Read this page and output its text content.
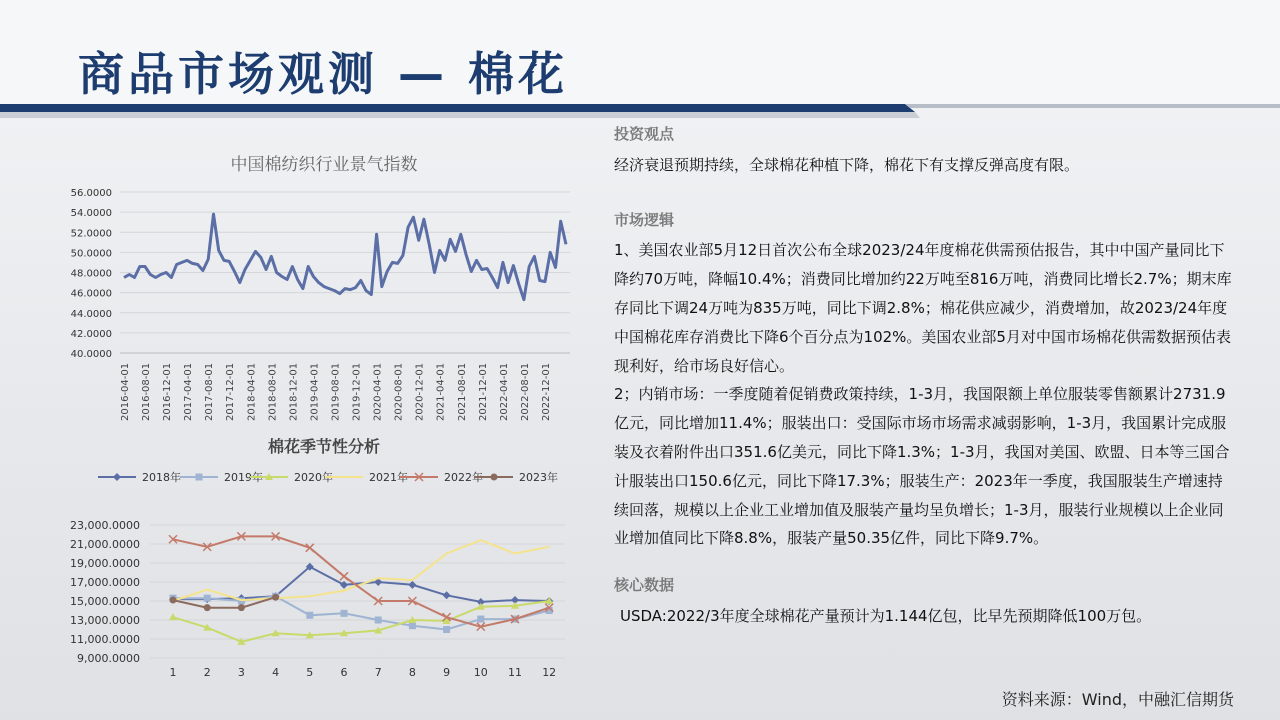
商品市场观测 — 棉花
中国棉纺织行业景气指数
56.0000
54.0000
52.0000
50.0000
48.0000
46.0000
44.0000
42.0000
40.0000
2016-04-01 2016-08-01 2016-12-01 2017-04-01 2017-08-01 2017-12-01 2018-04-01 2018-08-01 2018-12-01 2019-04-01 2019-08-01 2019-12-01 2020-04-01 2020-08-01 2020-12-01 2021-04-01 2021-08-01 2021-12-01 2022-04-01 2022-08-01 2022-12-01
棉花季节性分析
2018年	2019年	2020年	2021年	2022年	2023年
23,000.0000
21,000.0000
19,000.0000
17,000.0000
15,000.0000
13,000.0000
11,000.0000
9,000.0000
1 2 3 4 5 6 7 8 9 10 11 12
投资观点

经济衰退预期持续，全球棉花种植下降，棉花下有支撑反弹高度有限。

市场逻辑

1、美国农业部5月12日首次公布全球2023/24年度棉花供需预估报告，其中中国产量同比下降约70万吨，降幅10.4%；消费同比增加约22万吨至816万吨，消费同比增长2.7%；期末库存同比下调24万吨为835万吨，同比下调2.8%；棉花供应减少，消费增加，故2023/24年度中国棉花库存消费比下降6个百分点为102%。美国农业部5月对中国市场棉花供需数据预估表现利好，给市场良好信心。

2；内销市场：一季度随着促销费政策持续，1-3月，我国限额上单位服装零售额累计2731.9亿元，同比增加11.4%；服装出口：受国际市场市场需求减弱影响，1-3月，我国累计完成服装及衣着附件出口351.6亿美元，同比下降1.3%；1-3月，我国对美国、欧盟、日本等三国合计服装出口150.6亿元，同比下降17.3%；服装生产：2023年一季度，我国服装生产增速持续回落，规模以上企业工业增加值及服装产量均呈负增长；1-3月，服装行业规模以上企业同业增加值同比下降8.8%，服装产量50.35亿件，同比下降9.7%。

核心数据

USDA:2022/3年度全球棉花产量预计为1.144亿包，比早先预期降低100万包。

资料来源：Wind，中融汇信期货
